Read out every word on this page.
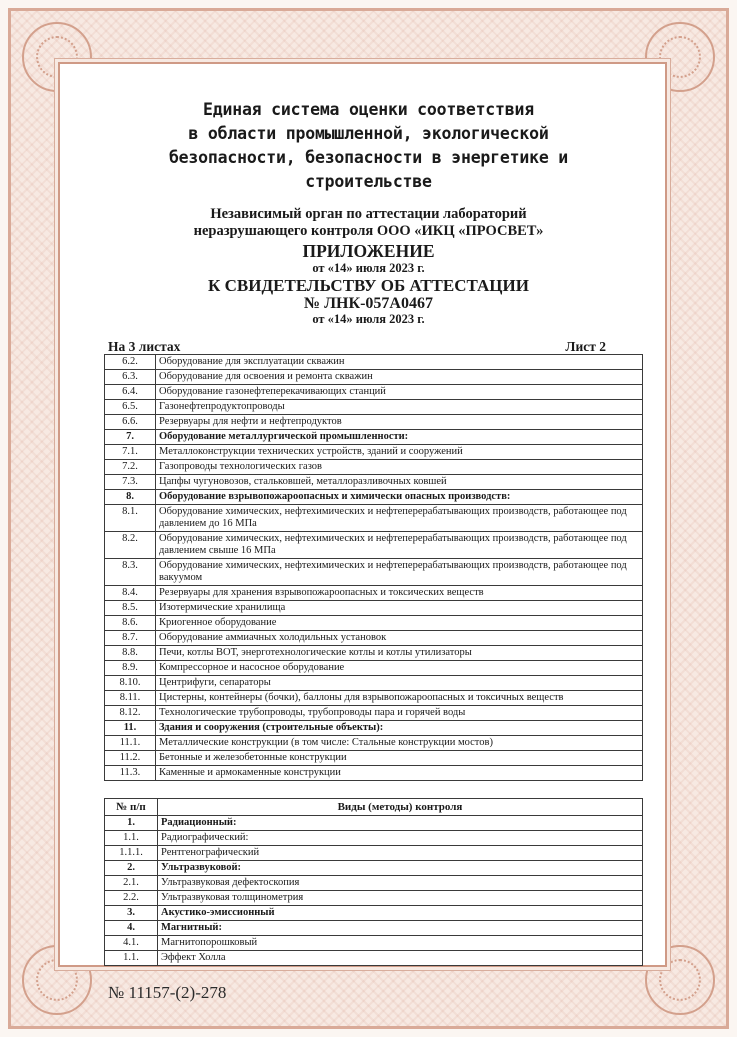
Единая система оценки соответствия
в области промышленной, экологической
безопасности, безопасности в энергетике и
строительстве
Независимый орган по аттестации лабораторий
неразрушающего контроля ООО «ИКЦ «ПРОСВЕТ»
ПРИЛОЖЕНИЕ
от «14» июля 2023 г.
К СВИДЕТЕЛЬСТВУ ОБ АТТЕСТАЦИИ
№ ЛНК-057А0467
от «14» июля 2023 г.
На 3 листах	Лист 2
6.2.	Оборудование для эксплуатации скважин
6.3.	Оборудование для освоения и ремонта скважин
6.4.	Оборудование газонефтеперекачивающих станций
6.5.	Газонефтепродуктопроводы
6.6.	Резервуары для нефти и нефтепродуктов
7.	Оборудование металлургической промышленности:
7.1.	Металлоконструкции технических устройств, зданий и сооружений
7.2.	Газопроводы технологических газов
7.3.	Цапфы чугуновозов, стальковшей, металлоразливочных ковшей
8.	Оборудование взрывопожароопасных и химически опасных производств:
8.1.	Оборудование химических, нефтехимических и нефтеперерабатывающих производств, работающее под давлением до 16 МПа
8.2.	Оборудование химических, нефтехимических и нефтеперерабатывающих производств, работающее под давлением свыше 16 МПа
8.3.	Оборудование химических, нефтехимических и нефтеперерабатывающих производств, работающее под вакуумом
8.4.	Резервуары для хранения взрывопожароопасных и токсических веществ
8.5.	Изотермические хранилища
8.6.	Криогенное оборудование
8.7.	Оборудование аммиачных холодильных установок
8.8.	Печи, котлы ВОТ, энерготехнологические котлы и котлы утилизаторы
8.9.	Компрессорное и насосное оборудование
8.10.	Центрифуги, сепараторы
8.11.	Цистерны, контейнеры (бочки), баллоны для взрывопожароопасных и токсичных веществ
8.12.	Технологические трубопроводы, трубопроводы пара и горячей воды
11.	Здания и сооружения (строительные объекты):
11.1.	Металлические конструкции (в том числе: Стальные конструкции мостов)
11.2.	Бетонные и железобетонные конструкции
11.3.	Каменные и армокаменные конструкции
№ п/п	Виды (методы) контроля
1.	Радиационный:
1.1.	Радиографический:
1.1.1.	Рентгенографический
2.	Ультразвуковой:
2.1.	Ультразвуковая дефектоскопия
2.2.	Ультразвуковая толщинометрия
3.	Акустико-эмиссионный
4.	Магнитный:
4.1.	Магнитопорошковый
1.1.	Эффект Холла
№ 11157-(2)-278
